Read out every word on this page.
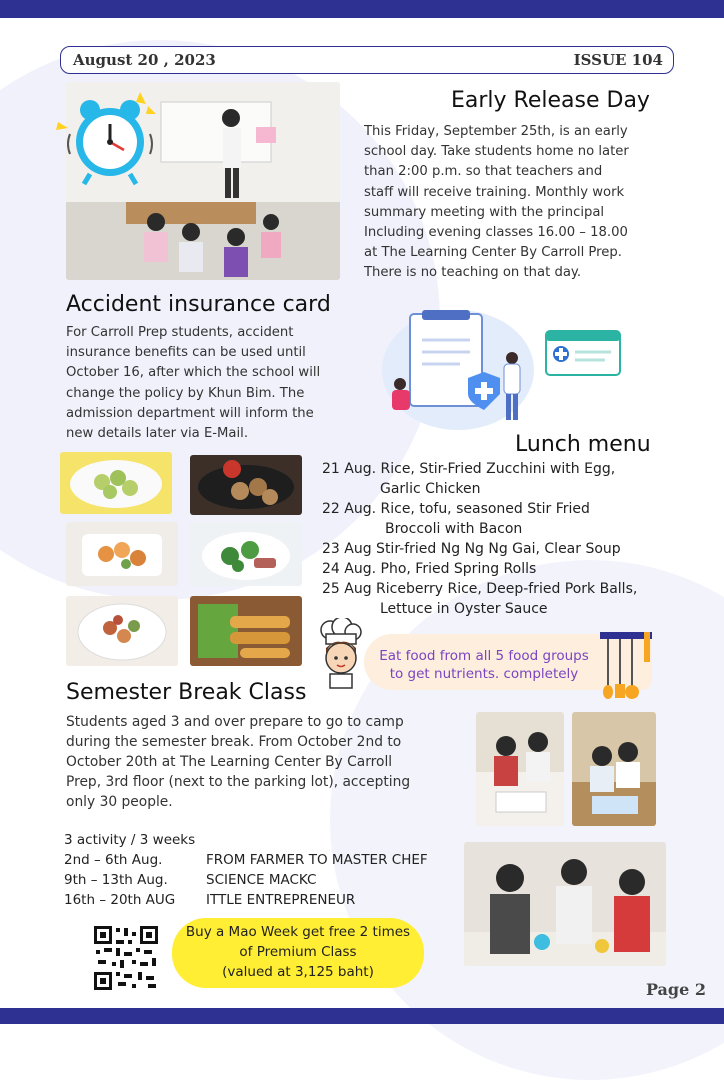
August 20 , 2023	ISSUE 104
Early Release Day
This Friday, September 25th, is an early
school day. Take students home no later
than 2:00 p.m. so that teachers and
staff will receive training. Monthly work
summary meeting with the principal
Including evening classes 16.00 – 18.00
at The Learning Center By Carroll Prep.
There is no teaching on that day.
Accident insurance card
For Carroll Prep students, accident
insurance benefits can be used until
October 16, after which the school will
change the policy by Khun Bim. The
admission department will inform the
new details later via E-Mail.	Lunch menu
21 Aug. Rice, Stir-Fried Zucchini with Egg,
Garlic Chicken
22 Aug. Rice, tofu, seasoned Stir Fried
Broccoli with Bacon
23 Aug Stir-fried Ng Ng Ng Gai, Clear Soup
24 Aug. Pho, Fried Spring Rolls
25 Aug Riceberry Rice, Deep-fried Pork Balls,
Lettuce in Oyster Sauce
Eat food from all 5 food groups
to get nutrients. completely
Semester Break Class
Students aged 3 and over prepare to go to camp
during the semester break. From October 2nd to
October 20th at The Learning Center By Carroll
Prep, 3rd floor (next to the parking lot), accepting
only 30 people.
3 activity / 3 weeks
2nd – 6th Aug.	FROM FARMER TO MASTER CHEF
9th – 13th Aug.	SCIENCE MACKC
16th – 20th AUG ITTLE ENTREPRENEUR
Buy a Mao Week get free 2 times
of Premium Class
(valued at 3,125 baht)
Page 2
